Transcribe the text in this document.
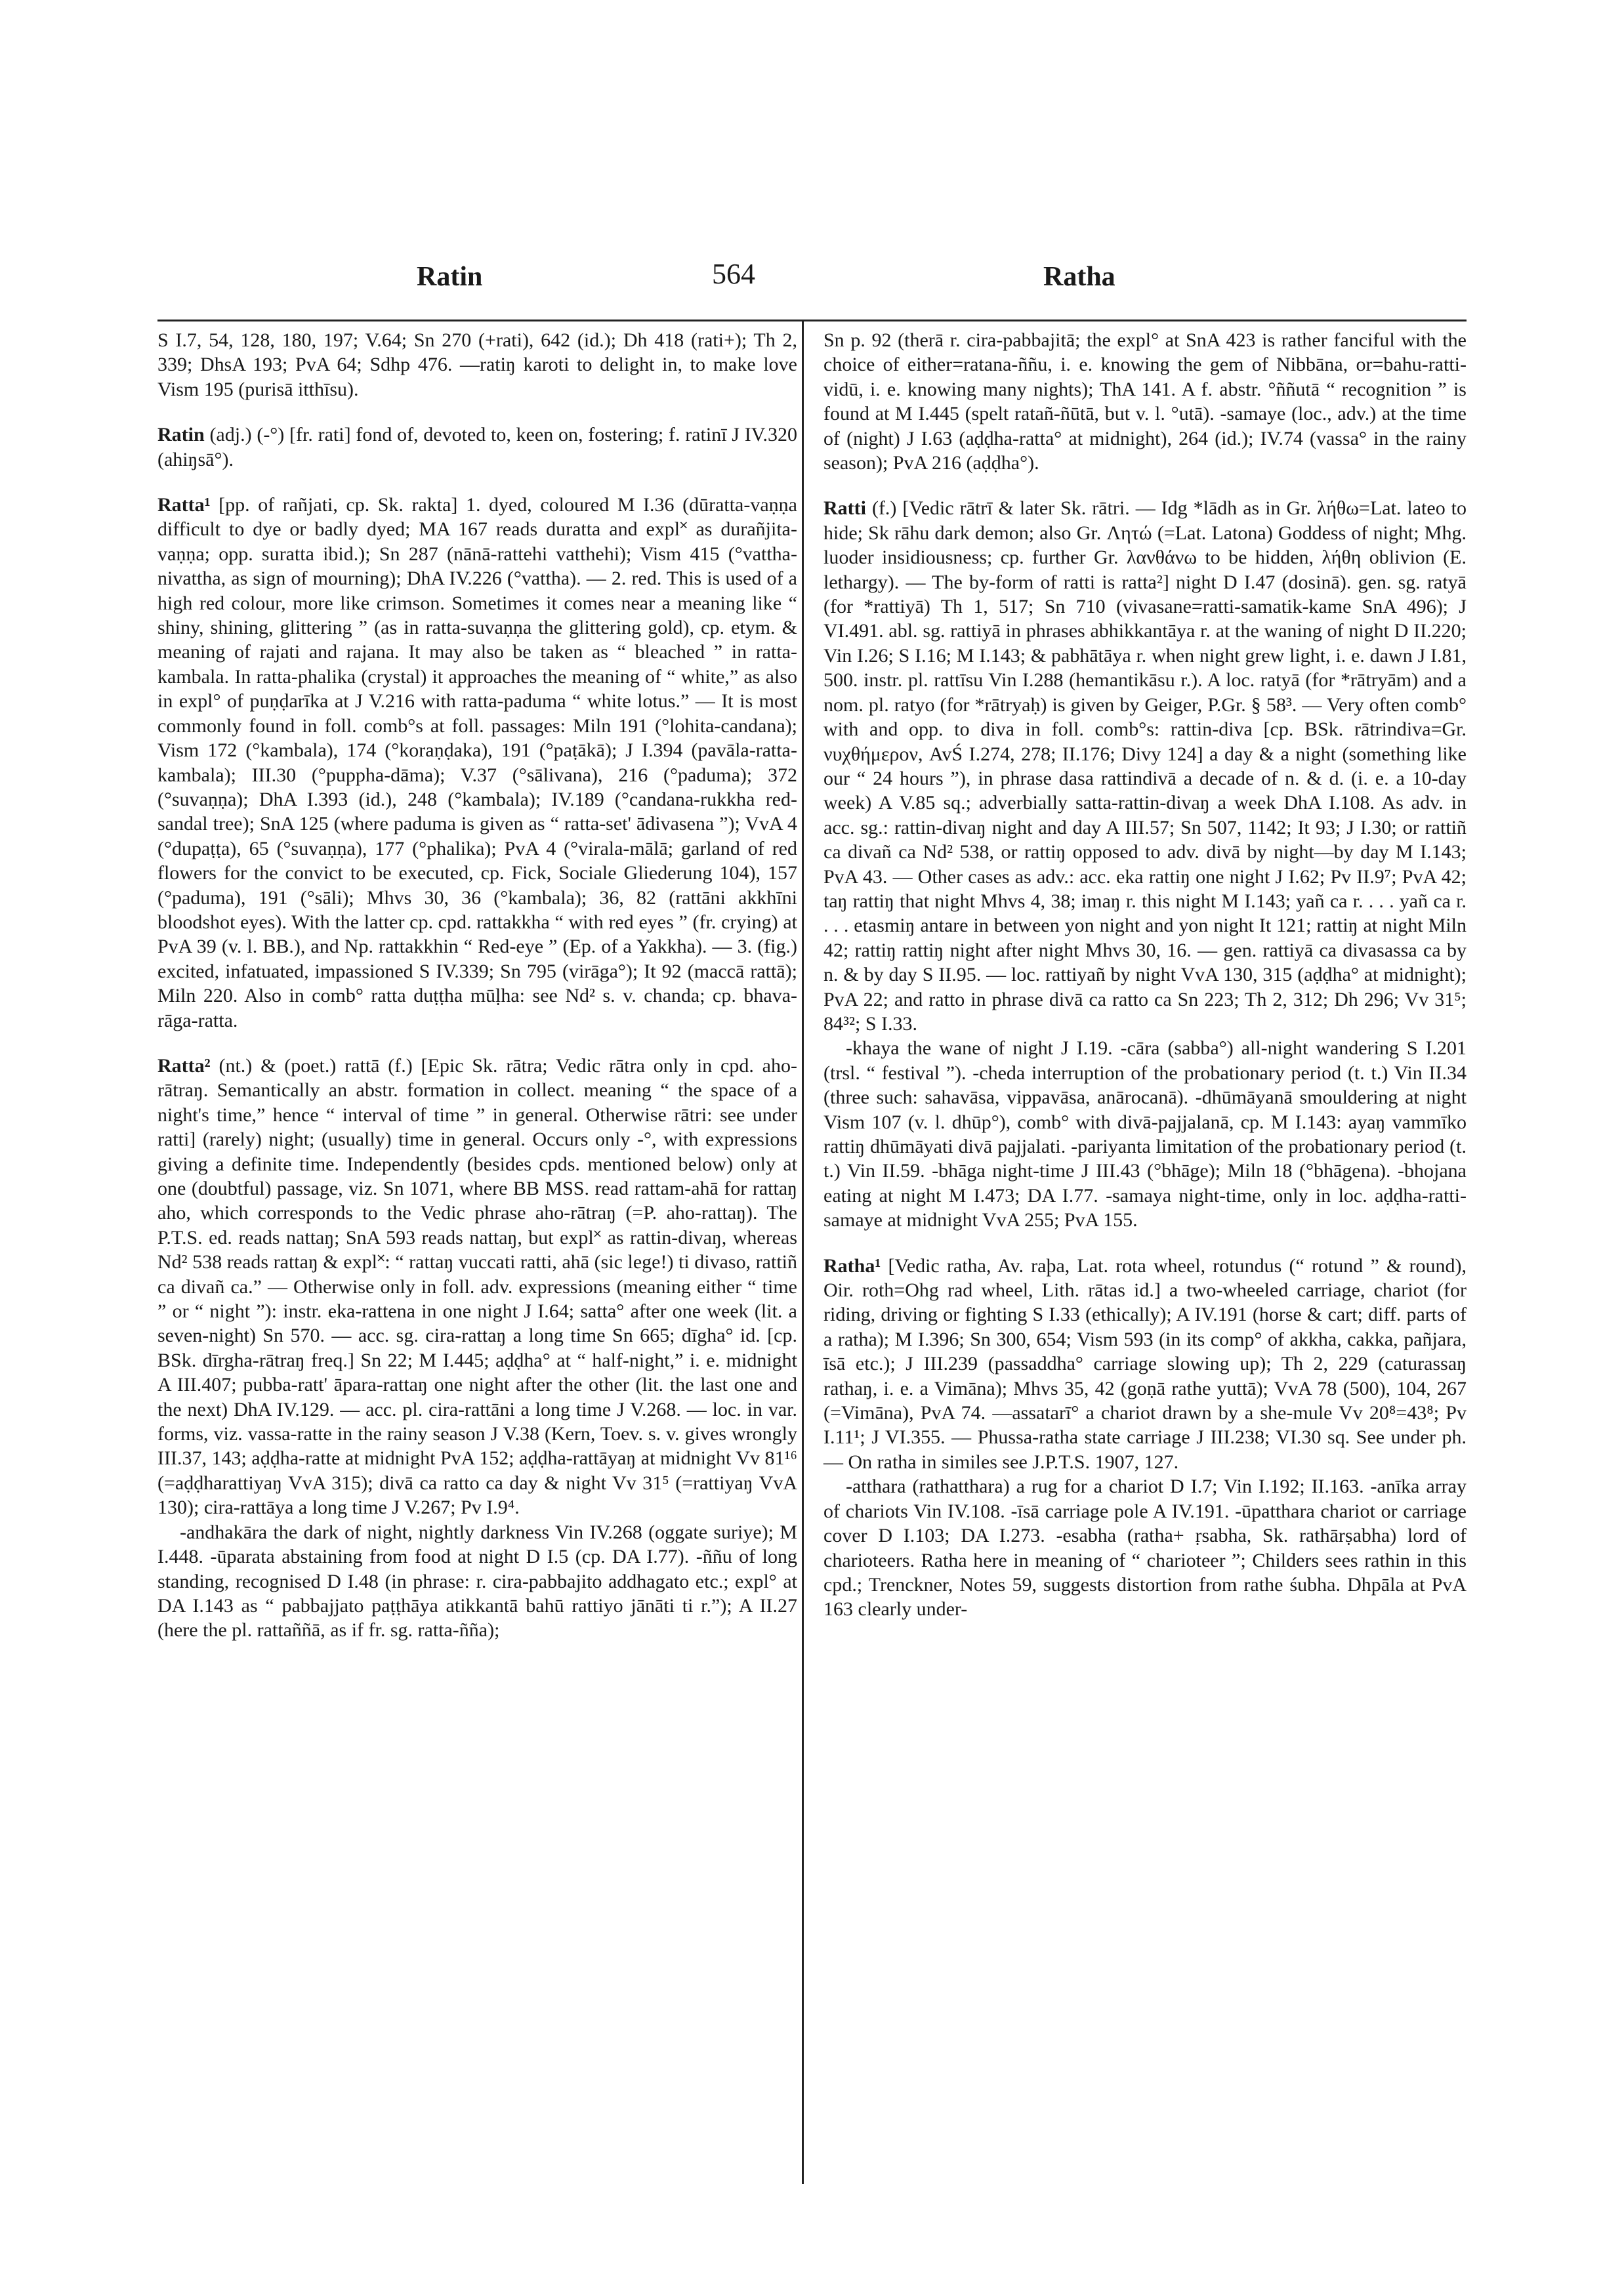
Ratin	564	Ratha

S I.7, 54, 128, 180, 197; V.64; Sn 270 (+rati), 642 (id.); Dh 418 (rati+); Th 2, 339; DhsA 193; PvA 64; Sdhp 476. —ratiŋ karoti to delight in, to make love Vism 195 (purisā itthīsu).

Ratin (adj.) (-°) [fr. rati] fond of, devoted to, keen on, fostering; f. ratinī J IV.320 (ahiŋsā°).

Ratta¹ [pp. of rañjati, cp. Sk. rakta] 1. dyed, coloured M I.36 (dūratta-vaṇṇa difficult to dye or badly dyed; MA 167 reads duratta and expl˟ as durañjita-vaṇṇa; opp. suratta ibid.); Sn 287 (nānā-rattehi vatthehi); Vism 415 (°vattha-nivattha, as sign of mourning); DhA IV.226 (°vattha). — 2. red. This is used of a high red colour, more like crimson. Sometimes it comes near a meaning like “ shiny, shining, glittering ” (as in ratta-suvaṇṇa the glittering gold), cp. etym. & meaning of rajati and rajana. It may also be taken as “ bleached ” in ratta-kambala. In ratta-phalika (crystal) it approaches the meaning of “ white,” as also in expl° of puṇḍarīka at J V.216 with ratta-paduma “ white lotus.” — It is most commonly found in foll. comb°s at foll. passages: Miln 191 (°lohita-candana); Vism 172 (°kambala), 174 (°koraṇḍaka), 191 (°paṭākā); J I.394 (pavāla-ratta-kambala); III.30 (°puppha-dāma); V.37 (°sālivana), 216 (°paduma); 372 (°suvaṇṇa); DhA I.393 (id.), 248 (°kambala); IV.189 (°candana-rukkha red-sandal tree); SnA 125 (where paduma is given as “ ratta-set' ādivasena ”); VvA 4 (°dupaṭṭa), 65 (°suvaṇṇa), 177 (°phalika); PvA 4 (°virala-mālā; garland of red flowers for the convict to be executed, cp. Fick, Sociale Gliederung 104), 157 (°paduma), 191 (°sāli); Mhvs 30, 36 (°kambala); 36, 82 (rattāni akkhīni bloodshot eyes). With the latter cp. cpd. rattakkha “ with red eyes ” (fr. crying) at PvA 39 (v. l. BB.), and Np. rattakkhin “ Red-eye ” (Ep. of a Yakkha). — 3. (fig.) excited, infatuated, impassioned S IV.339; Sn 795 (virāga°); It 92 (maccā rattā); Miln 220. Also in comb° ratta duṭṭha mūḷha: see Nd² s. v. chanda; cp. bhava-rāga-ratta.

Ratta² (nt.) & (poet.) rattā (f.) [Epic Sk. rātra; Vedic rātra only in cpd. aho-rātraŋ. Semantically an abstr. formation in collect. meaning “ the space of a night's time,” hence “ interval of time ” in general. Otherwise rātri: see under ratti] (rarely) night; (usually) time in general. Occurs only -°, with expressions giving a definite time. Independently (besides cpds. mentioned below) only at one (doubtful) passage, viz. Sn 1071, where BB MSS. read rattam-ahā for rattaŋ aho, which corresponds to the Vedic phrase aho-rātraŋ (=P. aho-rattaŋ). The P.T.S. ed. reads nattaŋ; SnA 593 reads nattaŋ, but expl˟ as rattin-divaŋ, whereas Nd² 538 reads rattaŋ & expl˟: “ rattaŋ vuccati ratti, ahā (sic lege!) ti divaso, rattiñ ca divañ ca.” — Otherwise only in foll. adv. expressions (meaning either “ time ” or “ night ”): instr. eka-rattena in one night J I.64; satta° after one week (lit. a seven-night) Sn 570. — acc. sg. cira-rattaŋ a long time Sn 665; dīgha° id. [cp. BSk. dīrgha-rātraŋ freq.] Sn 22; M I.445; aḍḍha° at “ half-night,” i. e. midnight A III.407; pubba-ratt' āpara-rattaŋ one night after the other (lit. the last one and the next) DhA IV.129. — acc. pl. cira-rattāni a long time J V.268. — loc. in var. forms, viz. vassa-ratte in the rainy season J V.38 (Kern, Toev. s. v. gives wrongly III.37, 143; aḍḍha-ratte at midnight PvA 152; aḍḍha-rattāyaŋ at midnight Vv 81¹⁶ (=aḍḍharattiyaŋ VvA 315); divā ca ratto ca day & night Vv 31⁵ (=rattiyaŋ VvA 130); cira-rattāya a long time J V.267; Pv I.9⁴.

-andhakāra the dark of night, nightly darkness Vin IV.268 (oggate suriye); M I.448. -ūparata abstaining from food at night D I.5 (cp. DA I.77). -ññu of long standing, recognised D I.48 (in phrase: r. cira-pabbajito addhagato etc.; expl° at DA I.143 as “ pabbajjato paṭṭhāya atikkantā bahū rattiyo jānāti ti r.”); A II.27 (here the pl. rattaññā, as if fr. sg. ratta-ñña);

Sn p. 92 (therā r. cira-pabbajitā; the expl° at SnA 423 is rather fanciful with the choice of either=ratana-ññu, i. e. knowing the gem of Nibbāna, or=bahu-ratti-vidū, i. e. knowing many nights); ThA 141. A f. abstr. °ññutā “ recognition ” is found at M I.445 (spelt ratañ-ñūtā, but v. l. °utā). -samaye (loc., adv.) at the time of (night) J I.63 (aḍḍha-ratta° at midnight), 264 (id.); IV.74 (vassa° in the rainy season); PvA 216 (aḍḍha°).

Ratti (f.) [Vedic rātrī & later Sk. rātri. — Idg *lādh as in Gr. λήθω=Lat. lateo to hide; Sk rāhu dark demon; also Gr. Λητώ (=Lat. Latona) Goddess of night; Mhg. luoder insidiousness; cp. further Gr. λανθάνω to be hidden, λήθη oblivion (E. lethargy). — The by-form of ratti is ratta²] night D I.47 (dosinā). gen. sg. ratyā (for *rattiyā) Th 1, 517; Sn 710 (vivasane=ratti-samatik-kame SnA 496); J VI.491. abl. sg. rattiyā in phrases abhikkantāya r. at the waning of night D II.220; Vin I.26; S I.16; M I.143; & pabhātāya r. when night grew light, i. e. dawn J I.81, 500. instr. pl. rattīsu Vin I.288 (hemantikāsu r.). A loc. ratyā (for *rātryām) and a nom. pl. ratyo (for *rātryaḥ) is given by Geiger, P.Gr. § 58³. — Very often comb° with and opp. to diva in foll. comb°s: rattin-diva [cp. BSk. rātrindiva=Gr. νυχθήμερον, AvŚ I.274, 278; II.176; Divy 124] a day & a night (something like our “ 24 hours ”), in phrase dasa rattindivā a decade of n. & d. (i. e. a 10-day week) A V.85 sq.; adverbially satta-rattin-divaŋ a week DhA I.108. As adv. in acc. sg.: rattin-divaŋ night and day A III.57; Sn 507, 1142; It 93; J I.30; or rattiñ ca divañ ca Nd² 538, or rattiŋ opposed to adv. divā by night—by day M I.143; PvA 43. — Other cases as adv.: acc. eka rattiŋ one night J I.62; Pv II.9⁷; PvA 42; taŋ rattiŋ that night Mhvs 4, 38; imaŋ r. this night M I.143; yañ ca r. . . . yañ ca r. . . . etasmiŋ antare in between yon night and yon night It 121; rattiŋ at night Miln 42; rattiŋ rattiŋ night after night Mhvs 30, 16. — gen. rattiyā ca divasassa ca by n. & by day S II.95. — loc. rattiyañ by night VvA 130, 315 (aḍḍha° at midnight); PvA 22; and ratto in phrase divā ca ratto ca Sn 223; Th 2, 312; Dh 296; Vv 31⁵; 84³²; S I.33.

-khaya the wane of night J I.19. -cāra (sabba°) all-night wandering S I.201 (trsl. “ festival ”). -cheda interruption of the probationary period (t. t.) Vin II.34 (three such: sahavāsa, vippavāsa, anārocanā). -dhūmāyanā smouldering at night Vism 107 (v. l. dhūp°), comb° with divā-pajjalanā, cp. M I.143: ayaŋ vammīko rattiŋ dhūmāyati divā pajjalati. -pariyanta limitation of the probationary period (t. t.) Vin II.59. -bhāga night-time J III.43 (°bhāge); Miln 18 (°bhāgena). -bhojana eating at night M I.473; DA I.77. -samaya night-time, only in loc. aḍḍha-ratti-samaye at midnight VvA 255; PvA 155.

Ratha¹ [Vedic ratha, Av. raþa, Lat. rota wheel, rotundus (“ rotund ” & round), Oir. roth=Ohg rad wheel, Lith. rātas id.] a two-wheeled carriage, chariot (for riding, driving or fighting S I.33 (ethically); A IV.191 (horse & cart; diff. parts of a ratha); M I.396; Sn 300, 654; Vism 593 (in its comp° of akkha, cakka, pañjara, īsā etc.); J III.239 (passaddha° carriage slowing up); Th 2, 229 (caturassaŋ rathaŋ, i. e. a Vimāna); Mhvs 35, 42 (goṇā rathe yuttā); VvA 78 (500), 104, 267 (=Vimāna), PvA 74. —assatarī° a chariot drawn by a she-mule Vv 20⁸=43⁸; Pv I.11¹; J VI.355. — Phussa-ratha state carriage J III.238; VI.30 sq. See under ph. — On ratha in similes see J.P.T.S. 1907, 127.

-atthara (rathatthara) a rug for a chariot D I.7; Vin I.192; II.163. -anīka array of chariots Vin IV.108. -īsā carriage pole A IV.191. -ūpatthara chariot or carriage cover D I.103; DA I.273. -esabha (ratha+ ṛsabha, Sk. rathārṣabha) lord of charioteers. Ratha here in meaning of “ charioteer ”; Childers sees rathin in this cpd.; Trenckner, Notes 59, suggests distortion from rathe śubha. Dhpāla at PvA 163 clearly under-
